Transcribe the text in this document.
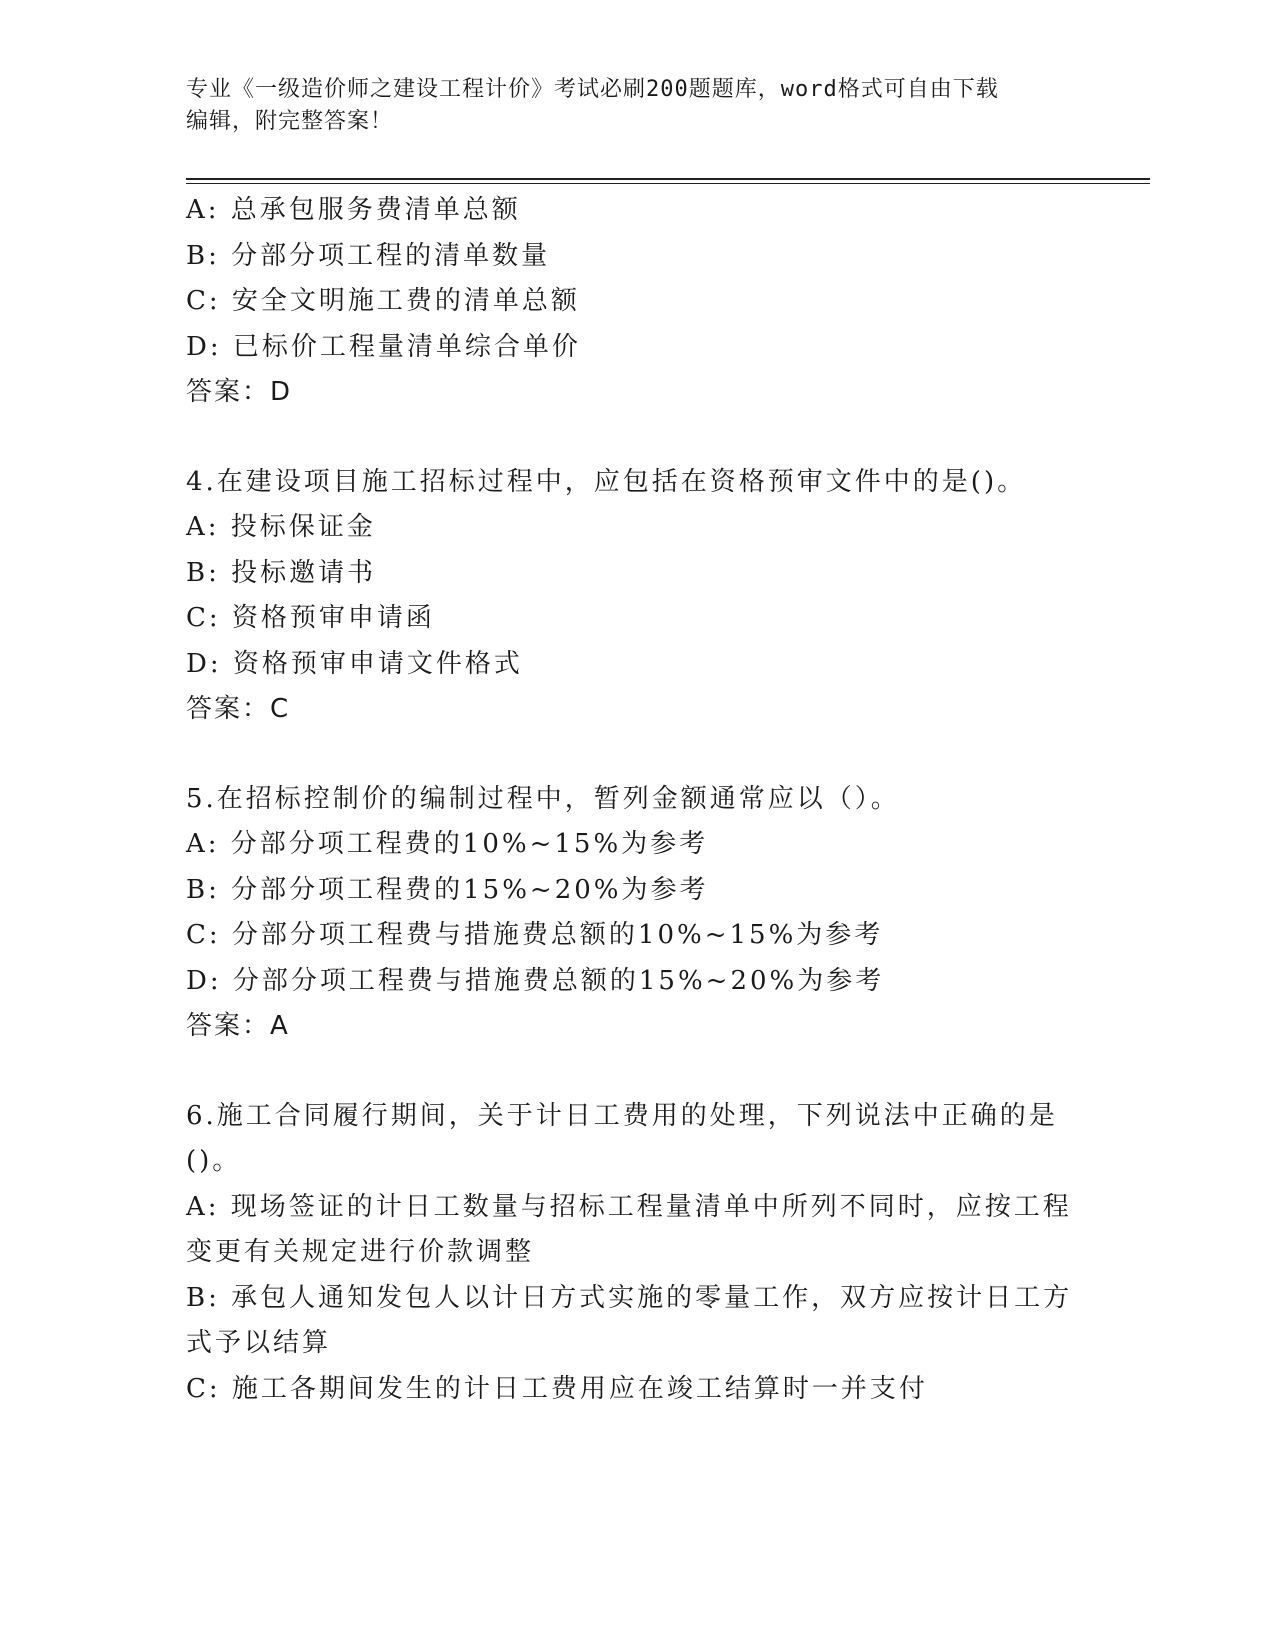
专业《一级造价师之建设工程计价》考试必刷200题题库，word格式可自由下载

编辑，附完整答案！

A: 总承包服务费清单总额

B: 分部分项工程的清单数量

C: 安全文明施工费的清单总额

D: 已标价工程量清单综合单价

答案：D

4.在建设项目施工招标过程中，应包括在资格预审文件中的是()。

A: 投标保证金

B: 投标邀请书

C: 资格预审申请函

D: 资格预审申请文件格式

答案：C

5.在招标控制价的编制过程中，暂列金额通常应以（）。

A: 分部分项工程费的10%~15%为参考

B: 分部分项工程费的15%~20%为参考

C: 分部分项工程费与措施费总额的10%~15%为参考

D: 分部分项工程费与措施费总额的15%~20%为参考

答案：A

6.施工合同履行期间，关于计日工费用的处理，下列说法中正确的是

()。

A: 现场签证的计日工数量与招标工程量清单中所列不同时，应按工程

变更有关规定进行价款调整

B: 承包人通知发包人以计日方式实施的零量工作，双方应按计日工方

式予以结算

C: 施工各期间发生的计日工费用应在竣工结算时一并支付
